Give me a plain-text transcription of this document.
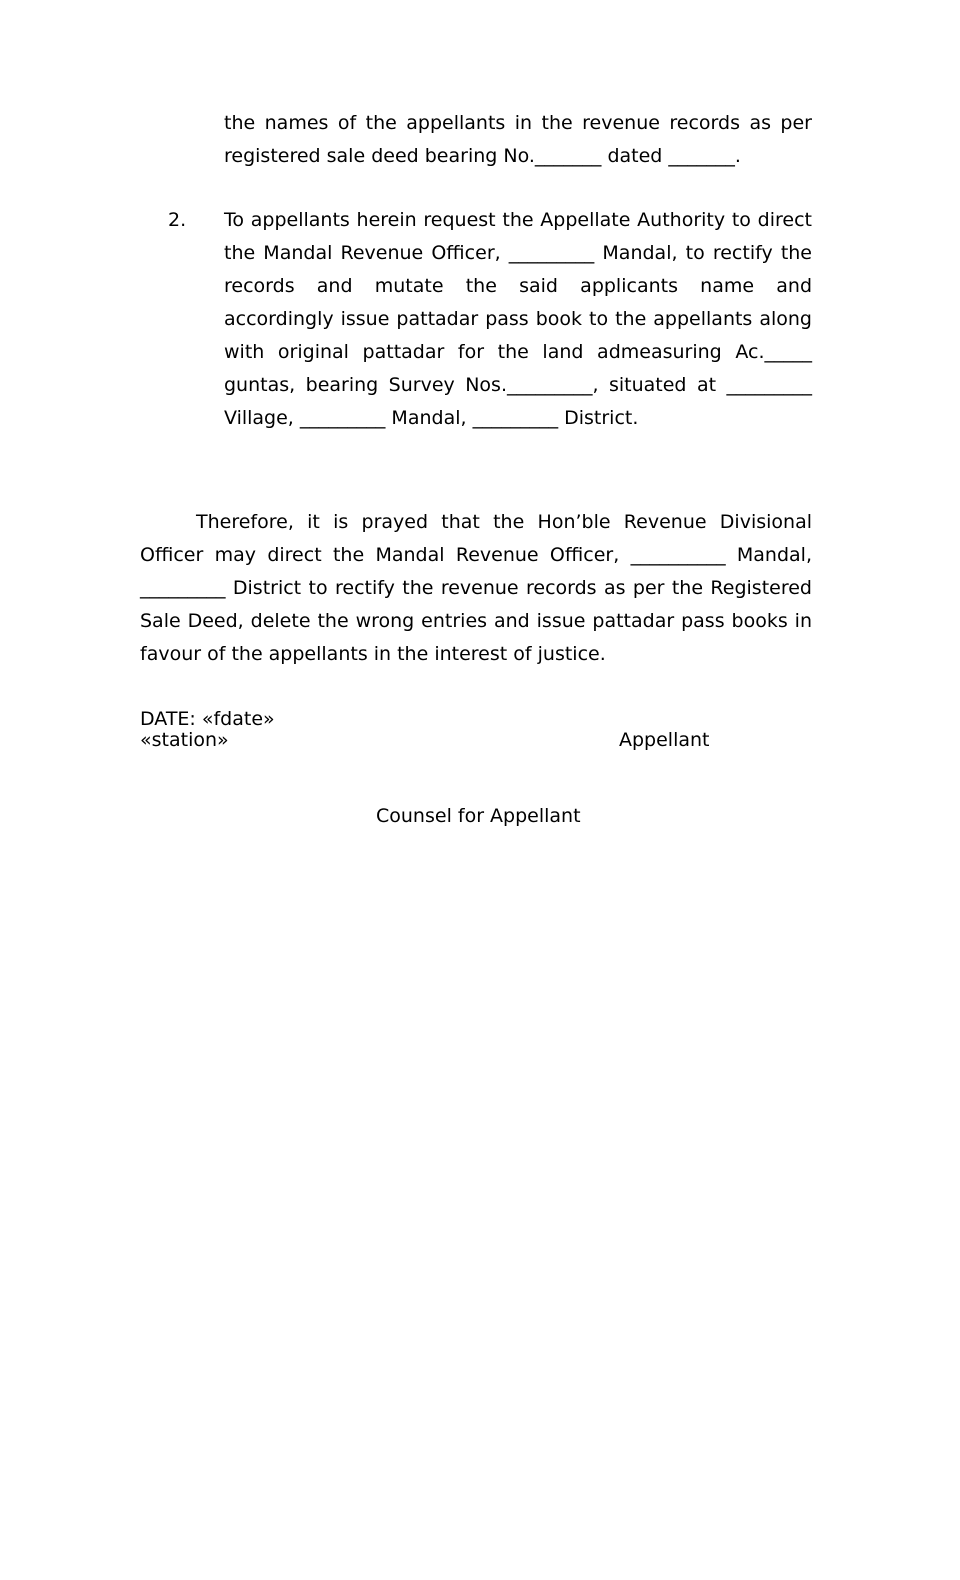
the names of the appellants in the revenue records as per registered sale deed bearing No._______ dated _______.

2. To appellants herein request the Appellate Authority to direct the Mandal Revenue Officer, _________ Mandal, to rectify the records and mutate the said applicants name and accordingly issue pattadar pass book to the appellants along with original pattadar for the land admeasuring Ac._____ guntas, bearing Survey Nos._________, situated at _________ Village, _________ Mandal, _________ District.

Therefore, it is prayed that the Hon’ble Revenue Divisional Officer may direct the Mandal Revenue Officer, __________ Mandal, _________ District to rectify the revenue records as per the Registered Sale Deed, delete the wrong entries and issue pattadar pass books in favour of the appellants in the interest of justice.

DATE: «fdate»
«station»	Appellant
Counsel for Appellant
